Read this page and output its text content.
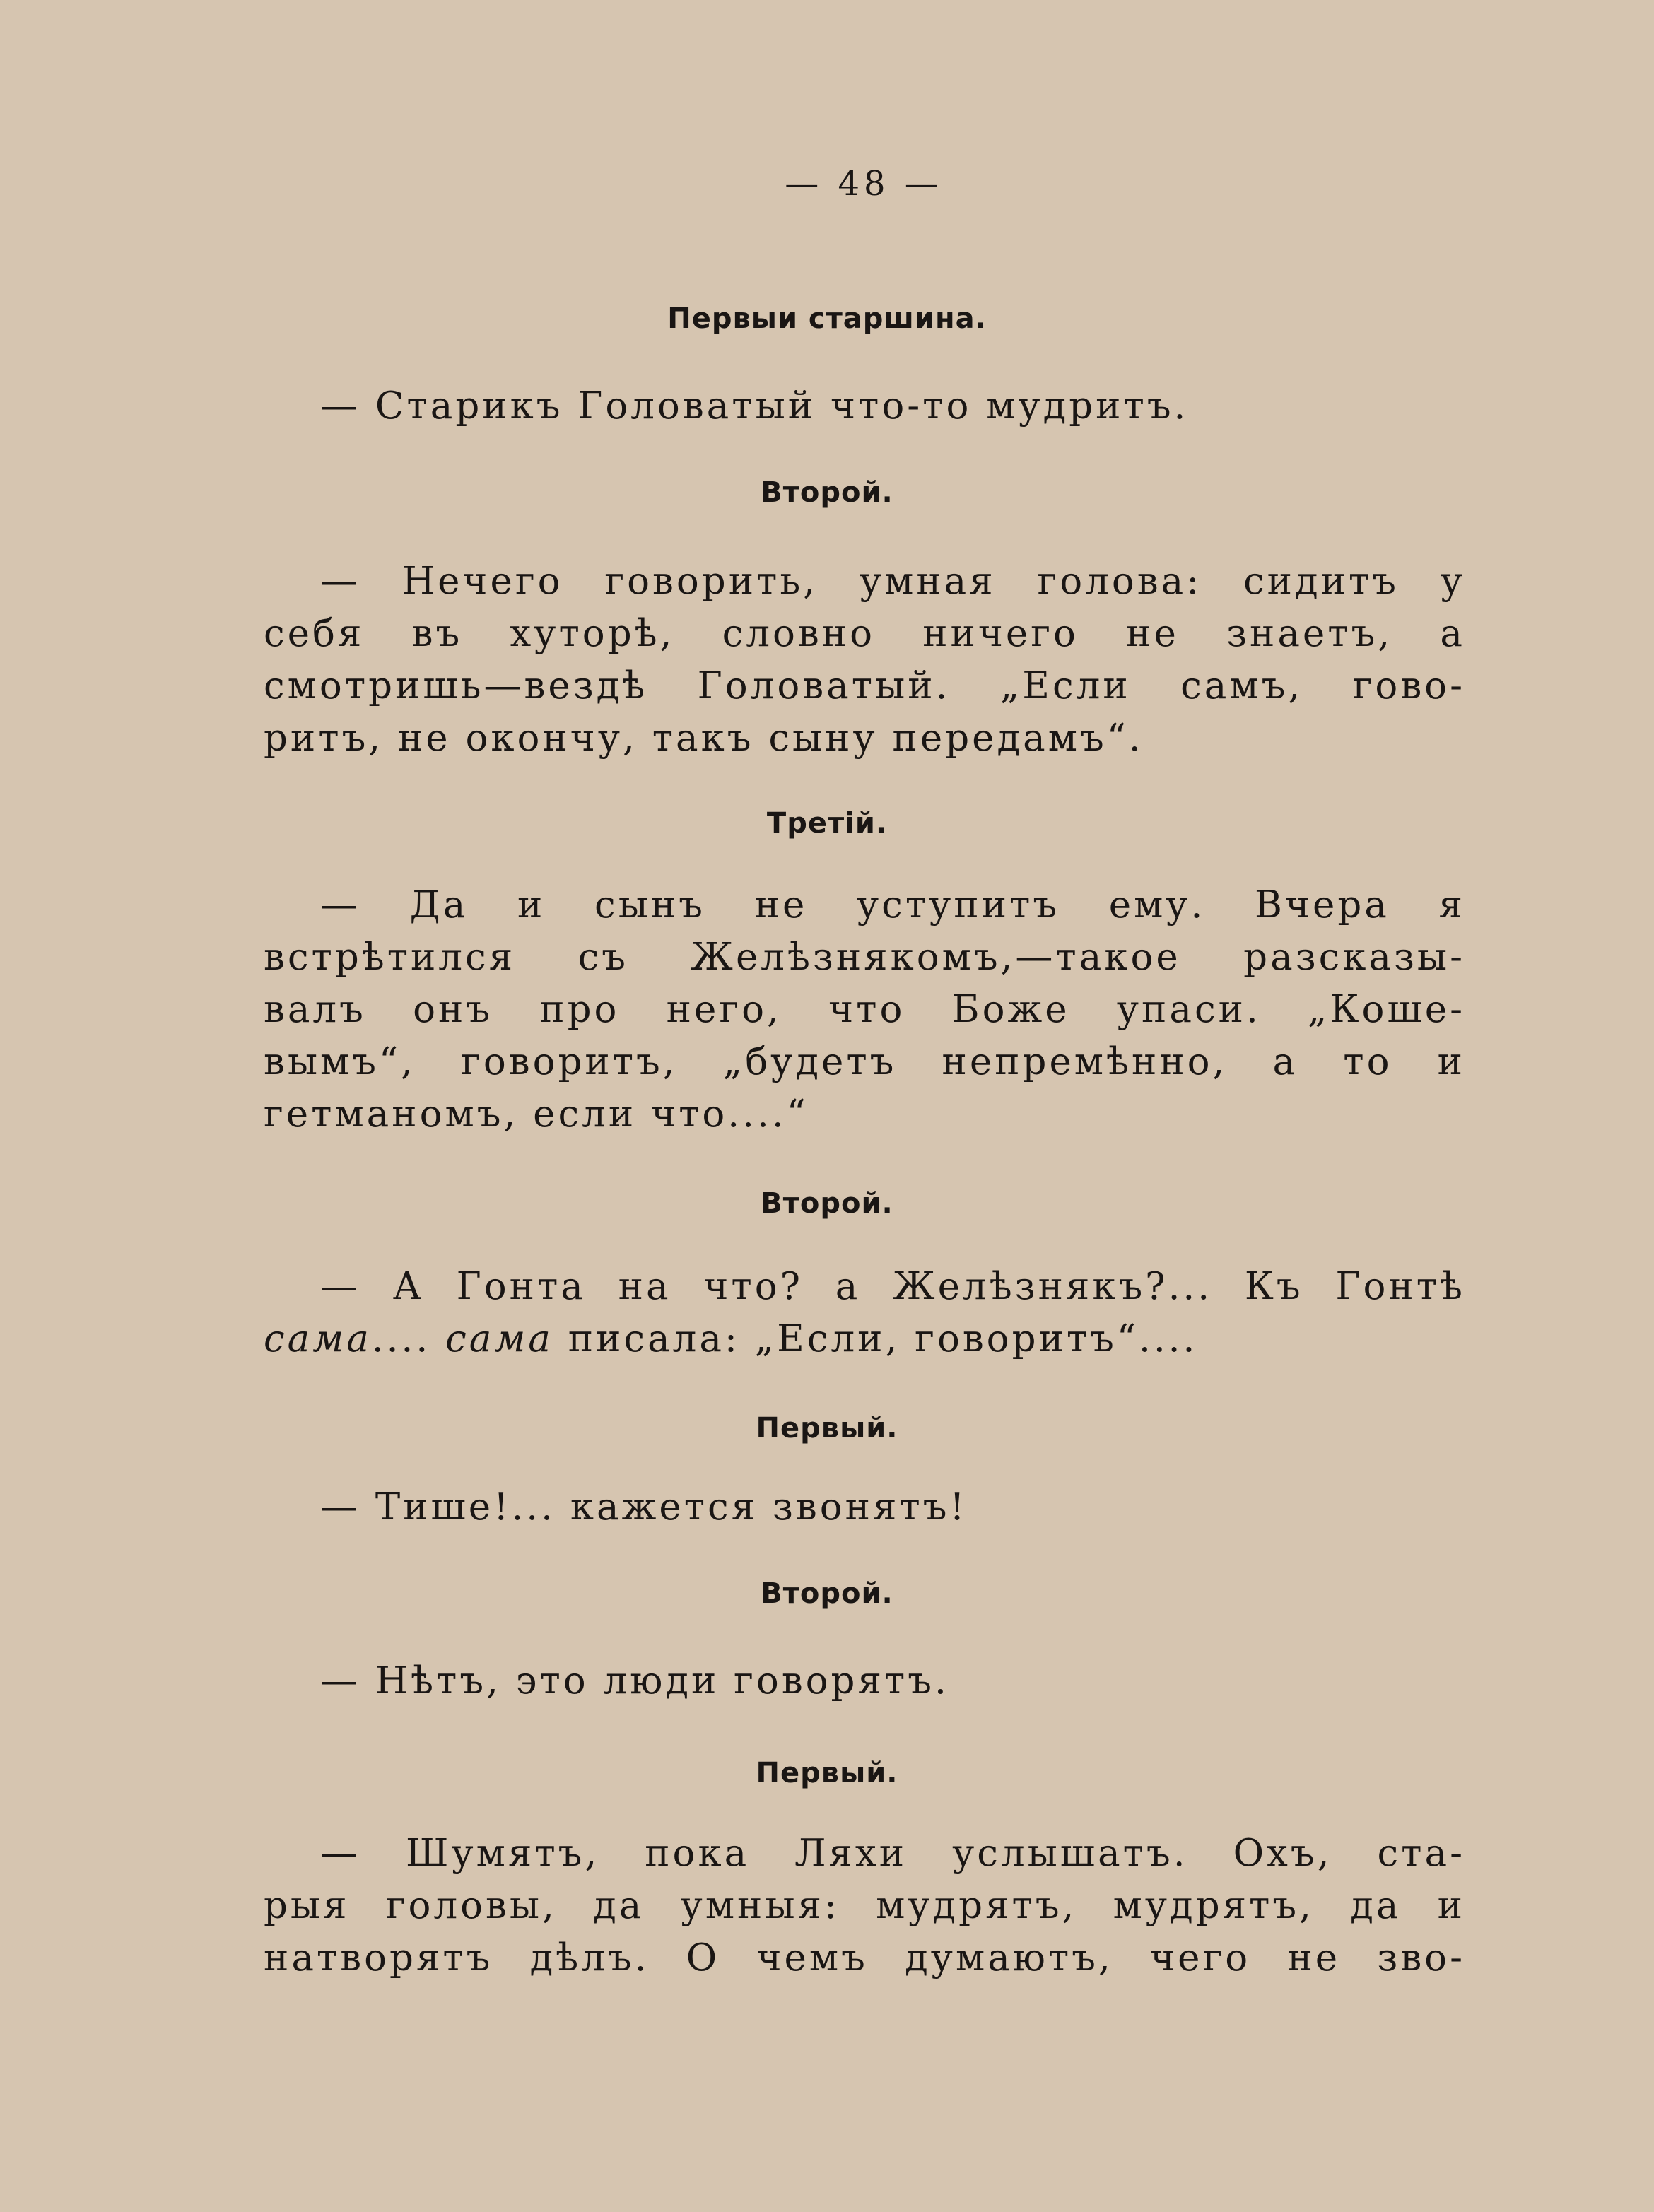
— 48 —
Первыи старшина.
— Старикъ Головатый что-то мудритъ.
Второй.
— Нечего говорить, умная голова: сидитъ у
себя въ хуторѣ, словно ничего не знаетъ, а
смотришь—вездѣ Головатый. „Если самъ, гово-
ритъ, не окончу, такъ сыну передамъ“.
Третій.
— Да и сынъ не уступитъ ему. Вчера я
встрѣтился съ Желѣзнякомъ,—такое разсказы-
валъ онъ про него, что Боже упаси. „Коше-
вымъ“, говоритъ, „будетъ непремѣнно, а то и
гетманомъ, если что....“
Второй.
— А Гонта на что? а Желѣзнякъ?... Къ Гонтѣ
сама.... сама писала: „Если, говоритъ“....
Первый.
— Тише!... кажется звонятъ!
Второй.
— Нѣтъ, это люди говорятъ.
Первый.
— Шумятъ, пока Ляхи услышатъ. Охъ, ста-
рыя головы, да умныя: мудрятъ, мудрятъ, да и
натворятъ дѣлъ. О чемъ думаютъ, чего не зво-
